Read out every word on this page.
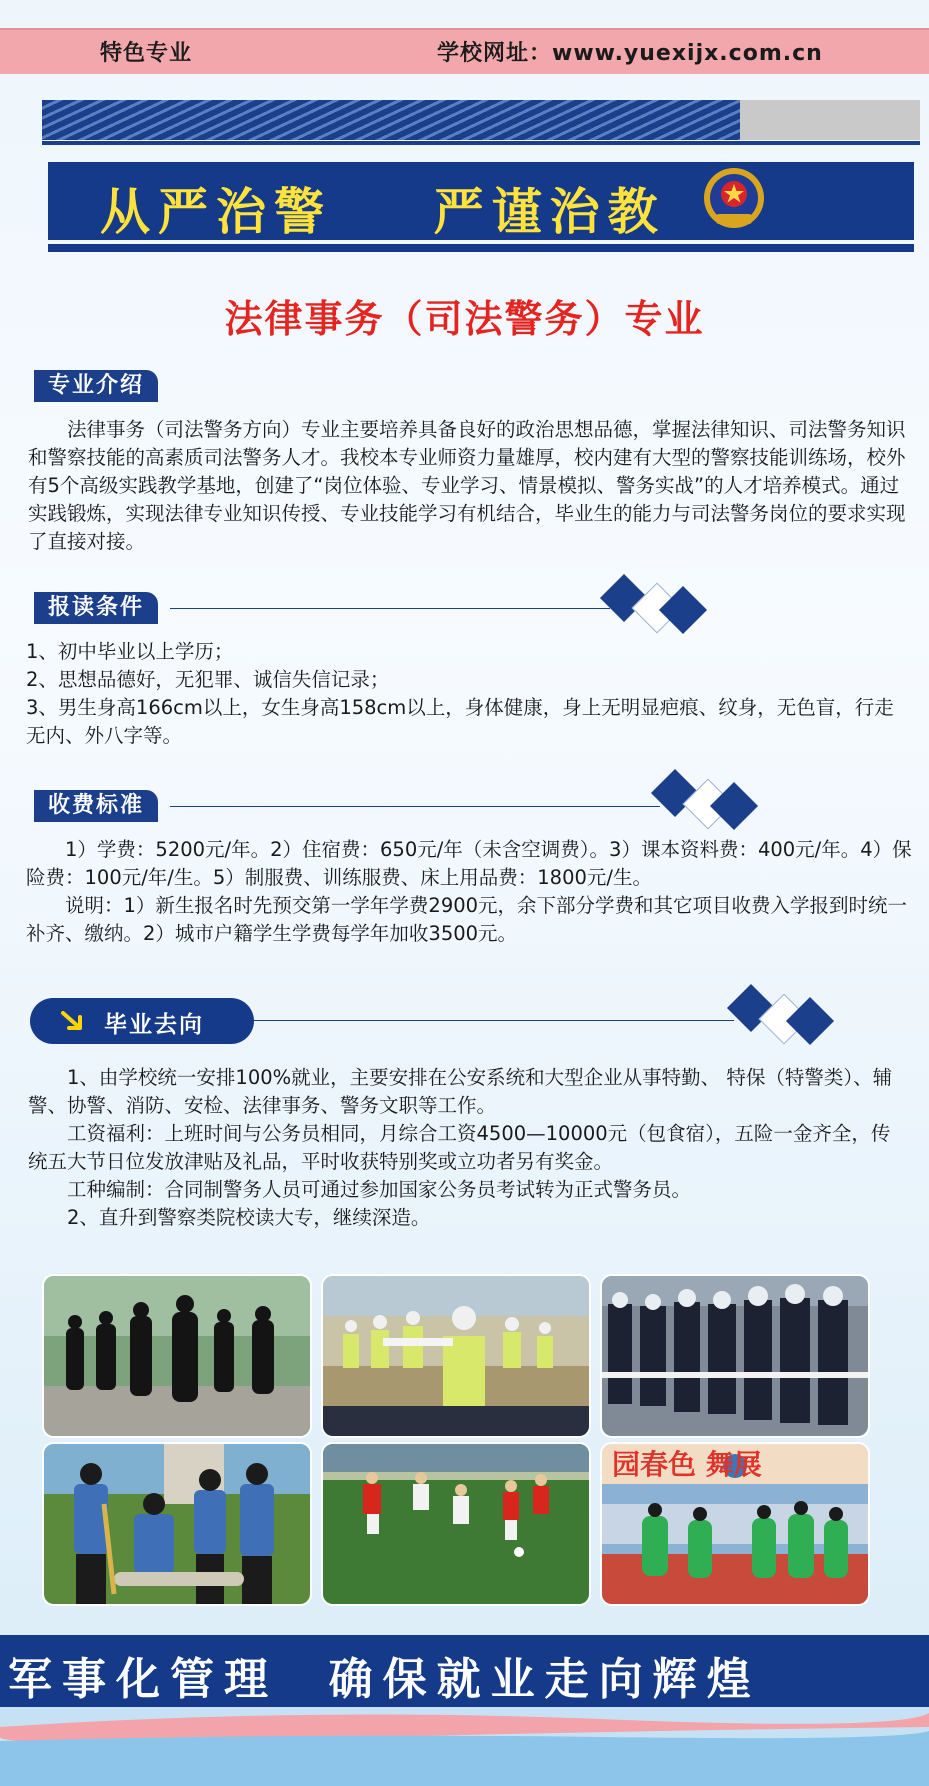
特色专业	学校网址：www.yuexijx.com.cn
从严治警    严谨治教
法律事务（司法警务）专业
专业介绍
法律事务（司法警务方向）专业主要培养具备良好的政治思想品德，掌握法律知识、司法警务知识和警察技能的高素质司法警务人才。我校本专业师资力量雄厚，校内建有大型的警察技能训练场，校外有5个高级实践教学基地，创建了“岗位体验、专业学习、情景模拟、警务实战”的人才培养模式。通过实践锻炼，实现法律专业知识传授、专业技能学习有机结合，毕业生的能力与司法警务岗位的要求实现了直接对接。
报读条件

1、初中毕业以上学历；

2、思想品德好，无犯罪、诚信失信记录；

3、男生身高166cm以上，女生身高158cm以上，身体健康，身上无明显疤痕、纹身，无色盲，行走无内、外八字等。

收费标准

1）学费：5200元/年。2）住宿费：650元/年（未含空调费）。3）课本资料费：400元/年。4）保险费：100元/年/生。5）制服费、训练服费、床上用品费：1800元/生。

说明：1）新生报名时先预交第一学年学费2900元，余下部分学费和其它项目收费入学报到时统一补齐、缴纳。2）城市户籍学生学费每学年加收3500元。

毕业去向

1、由学校统一安排100%就业，主要安排在公安系统和大型企业从事特勤、 特保（特警类）、辅警、协警、消防、安检、法律事务、警务文职等工作。

工资福利：上班时间与公务员相同，月综合工资4500—10000元（包食宿），五险一金齐全，传统五大节日位发放津贴及礼品，平时收获特别奖或立功者另有奖金。

工种编制：合同制警务人员可通过参加国家公务员考试转为正式警务员。

2、直升到警察类院校读大专，继续深造。

园春色 舞展
军事化管理  确保就业走向辉煌
